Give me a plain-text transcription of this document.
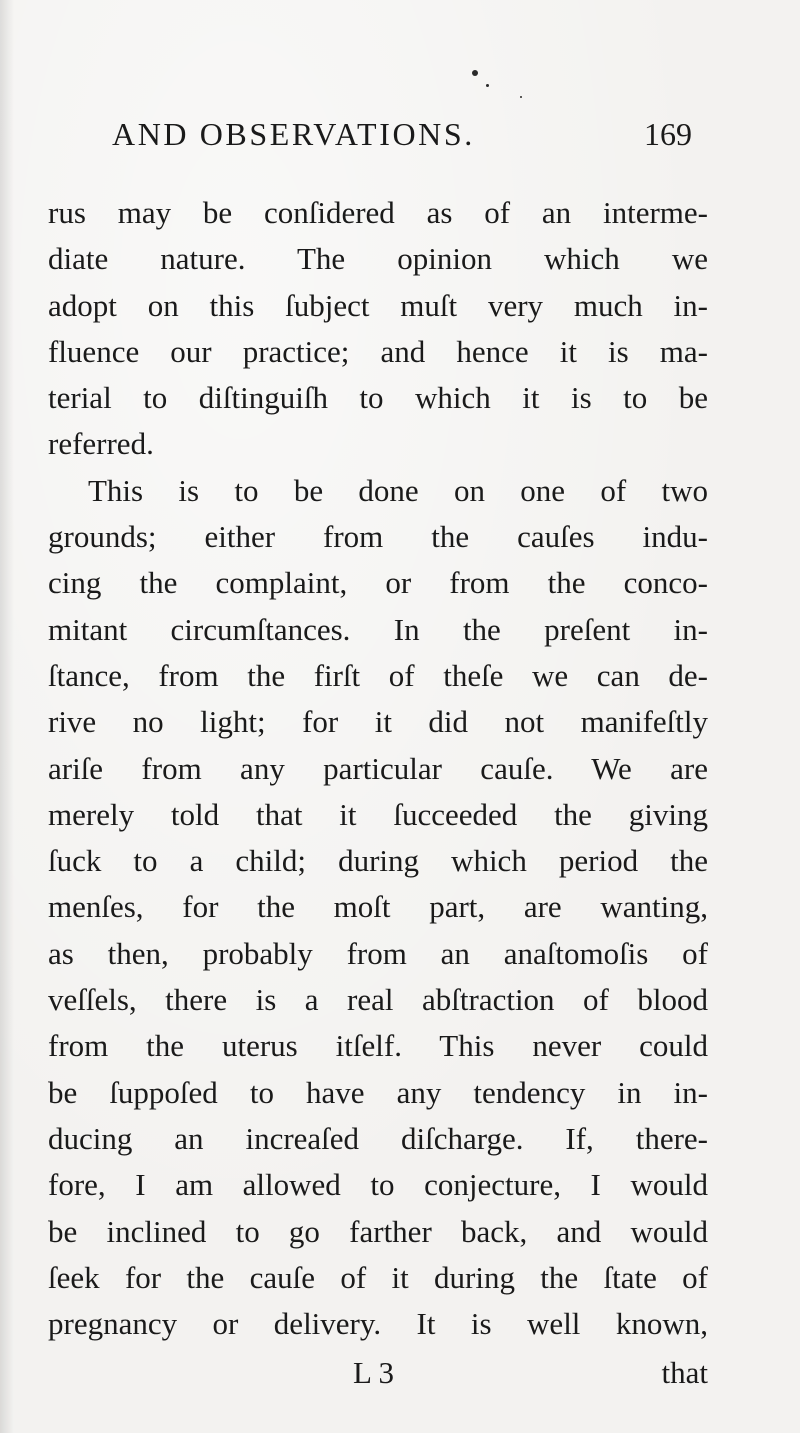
AND OBSERVATIONS.	169
rus may be conſidered as of an interme-
diate nature. The opinion which we
adopt on this ſubject muſt very much in-
fluence our practice; and hence it is ma-
terial to diſtinguiſh to which it is to be
referred.
This is to be done on one of two
grounds; either from the cauſes indu-
cing the complaint, or from the conco-
mitant circumſtances. In the preſent in-
ſtance, from the firſt of theſe we can de-
rive no light; for it did not manifeſtly
ariſe from any particular cauſe. We are
merely told that it ſucceeded the giving
ſuck to a child; during which period the
menſes, for the moſt part, are wanting,
as then, probably from an anaſtomoſis of
veſſels, there is a real abſtraction of blood
from the uterus itſelf. This never could
be ſuppoſed to have any tendency in in-
ducing an increaſed diſcharge. If, there-
fore, I am allowed to conjecture, I would
be inclined to go farther back, and would
ſeek for the cauſe of it during the ſtate of
pregnancy or delivery. It is well known,
L 3	that
